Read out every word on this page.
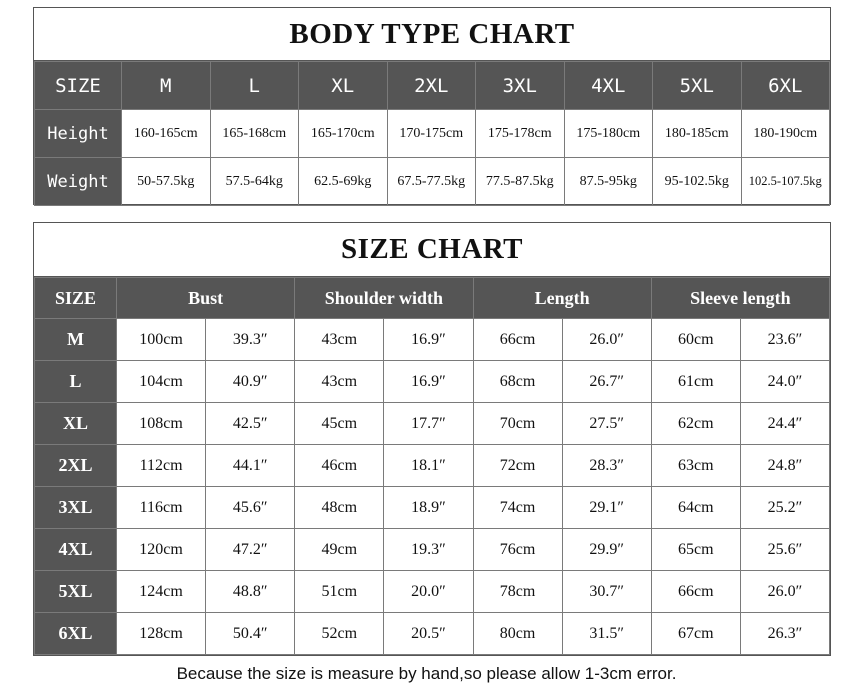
BODY TYPE CHART
SIZE	M	L	XL	2XL	3XL	4XL	5XL	6XL
Height	160-165cm	165-168cm	165-170cm	170-175cm	175-178cm	175-180cm	180-185cm	180-190cm
Weight	50-57.5kg	57.5-64kg	62.5-69kg	67.5-77.5kg	77.5-87.5kg	87.5-95kg	95-102.5kg	102.5-107.5kg
SIZE CHART
SIZE	Bust		Shoulder width		Length		Sleeve length	
M	100cm	39.3″	43cm	16.9″	66cm	26.0″	60cm	23.6″
L	104cm	40.9″	43cm	16.9″	68cm	26.7″	61cm	24.0″
XL	108cm	42.5″	45cm	17.7″	70cm	27.5″	62cm	24.4″
2XL	112cm	44.1″	46cm	18.1″	72cm	28.3″	63cm	24.8″
3XL	116cm	45.6″	48cm	18.9″	74cm	29.1″	64cm	25.2″
4XL	120cm	47.2″	49cm	19.3″	76cm	29.9″	65cm	25.6″
5XL	124cm	48.8″	51cm	20.0″	78cm	30.7″	66cm	26.0″
6XL	128cm	50.4″	52cm	20.5″	80cm	31.5″	67cm	26.3″
Because the size is measure by hand,so please allow 1-3cm error.
